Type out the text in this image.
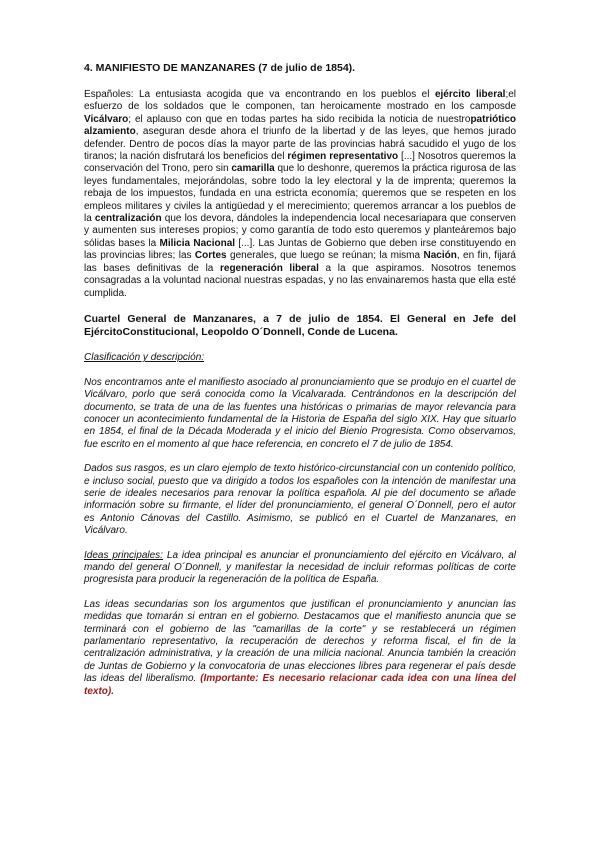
4. MANIFIESTO DE MANZANARES (7 de julio de 1854).

Españoles: La entusiasta acogida que va encontrando en los pueblos el ejército liberal;el esfuerzo de los soldados que le componen, tan heroicamente mostrado en los camposde Vicálvaro; el aplauso con que en todas partes ha sido recibida la noticia de nuestropatriótico alzamiento, aseguran desde ahora el triunfo de la libertad y de las leyes, que hemos jurado defender. Dentro de pocos días la mayor parte de las provincias habrá sacudido el yugo de los tiranos; la nación disfrutará los beneficios del régimen representativo [...] Nosotros queremos la conservación del Trono, pero sin camarilla que lo deshonre, queremos la práctica rigurosa de las leyes fundamentales, mejorándolas, sobre todo la ley electoral y la de imprenta; queremos la rebaja de los impuestos, fundada en una estricta economía; queremos que se respeten en los empleos militares y civiles la antigüedad y el merecimiento; queremos arrancar a los pueblos de la centralización que los devora, dándoles la independencia local necesariapara que conserven y aumenten sus intereses propios; y como garantía de todo esto queremos y planteáremos bajo sólidas bases la Milicia Nacional [...]. Las Juntas de Gobierno que deben irse constituyendo en las provincias libres; las Cortes generales, que luego se reúnan; la misma Nación, en fin, fijará las bases definitivas de la regeneración liberal a la que aspiramos. Nosotros tenemos consagradas a la voluntad nacional nuestras espadas, y no las envainaremos hasta que ella esté cumplida.

Cuartel General de Manzanares, a 7 de julio de 1854. El General en Jefe del EjércitoConstitucional, Leopoldo O´Donnell, Conde de Lucena.

Clasificación y descripción:

Nos encontramos ante el manifiesto asociado al pronunciamiento que se produjo en el cuartel de Vicálvaro, porlo que será conocida como la Vicalvarada. Centrándonos en la descripción del documento, se trata de una de las fuentes una históricas o primarias de mayor relevancia para conocer un acontecimiento fundamental de la Historia de España del siglo XIX. Hay que situarlo en 1854, el final de la Década Moderada y el inicio del Bienio Progresista. Como observamos, fue escrito en el momento al que hace referencia, en concreto el 7 de julio de 1854.

Dados sus rasgos, es un claro ejemplo de texto histórico-circunstancial con un contenido político, e incluso social, puesto que va dirigido a todos los españoles con la intención de manifestar una serie de ideales necesarios para renovar la política española. Al pie del documento se añade información sobre su firmante, el líder del pronunciamiento, el general O´Donnell, pero el autor es Antonio Cánovas del Castillo. Asimismo, se publicó en el Cuartel de Manzanares, en Vicálvaro.

Ideas principales: La idea principal es anunciar el pronunciamiento del ejército en Vicálvaro, al mando del general O´Donnell, y manifestar la necesidad de incluir reformas políticas de corte progresista para producir la regeneración de la política de España.

Las ideas secundarias son los argumentos que justifican el pronunciamiento y anuncian las medidas que tomarán si entran en el gobierno. Destacamos que el manifiesto anuncia que se terminará con el gobierno de las "camarillas de la corte" y se restablecerá un régimen parlamentario representativo, la recuperación de derechos y reforma fiscal, el fin de la centralización administrativa, y la creación de una milicia nacional. Anuncia también la creación de Juntas de Gobierno y la convocatoria de unas elecciones libres para regenerar el país desde las ideas del liberalismo. (Importante: Es necesario relacionar cada idea con una línea del texto).
